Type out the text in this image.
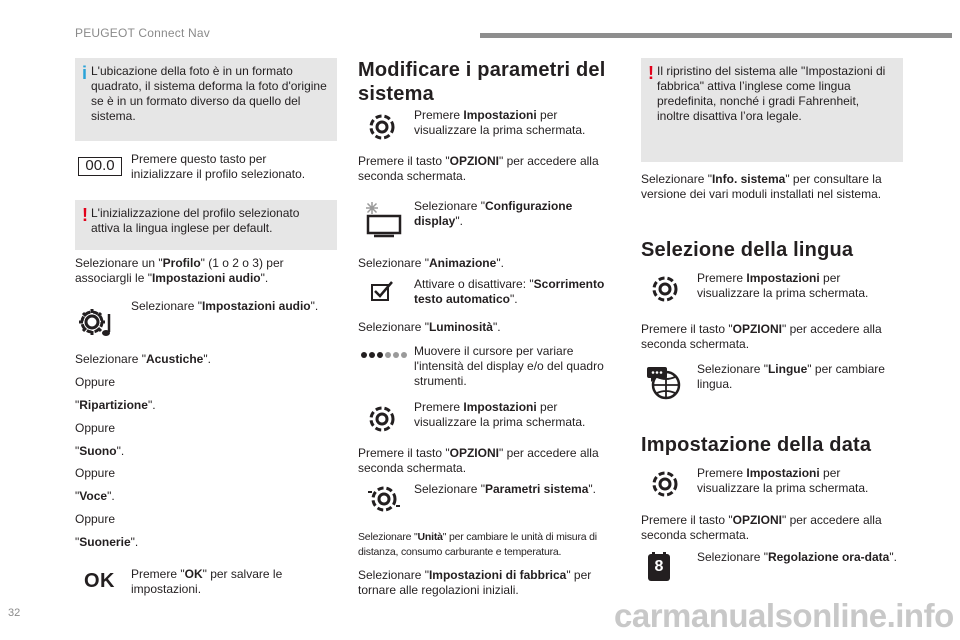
PEUGEOT Connect Nav
i L'ubicazione della foto è in un formato quadrato, il sistema deforma la foto d'origine se è in un formato diverso da quello del sistema.
00.0	Premere questo tasto per inizializzare il profilo selezionato.
! L'inizializzazione del profilo selezionato attiva la lingua inglese per default.
Selezionare un "Profilo" (1 o 2 o 3) per associargli le "Impostazioni audio".
Selezionare "Impostazioni audio".
Selezionare "Acustiche".
Oppure
"Ripartizione".
Oppure
"Suono".
Oppure
"Voce".
Oppure
"Suonerie".
OK Premere "OK" per salvare le impostazioni.
Modificare i parametri del sistema
Premere Impostazioni per visualizzare la prima schermata.
Premere il tasto "OPZIONI" per accedere alla seconda schermata.
Selezionare "Configurazione display".
Selezionare "Animazione".
Attivare o disattivare: "Scorrimento testo automatico".
Selezionare "Luminosità".
Muovere il cursore per variare l'intensità del display e/o del quadro strumenti.
Premere Impostazioni per visualizzare la prima schermata.
Premere il tasto "OPZIONI" per accedere alla seconda schermata.
Selezionare "Parametri sistema".
Selezionare "Unità" per cambiare le unità di misura di distanza, consumo carburante e temperatura.
Selezionare "Impostazioni di fabbrica" per tornare alle regolazioni iniziali.
! Il ripristino del sistema alle "Impostazioni di fabbrica" attiva l’inglese come lingua predefinita, nonché i gradi Fahrenheit, inoltre disattiva l’ora legale.
Selezionare "Info. sistema" per consultare la versione dei vari moduli installati nel sistema.
Selezione della lingua
Premere Impostazioni per visualizzare la prima schermata.
Premere il tasto "OPZIONI" per accedere alla seconda schermata.
Selezionare "Lingue" per cambiare lingua.
Impostazione della data
Premere Impostazioni per visualizzare la prima schermata.
Premere il tasto "OPZIONI" per accedere alla seconda schermata.
8
Selezionare "Regolazione ora-data".
32	carmanualsonline.info
